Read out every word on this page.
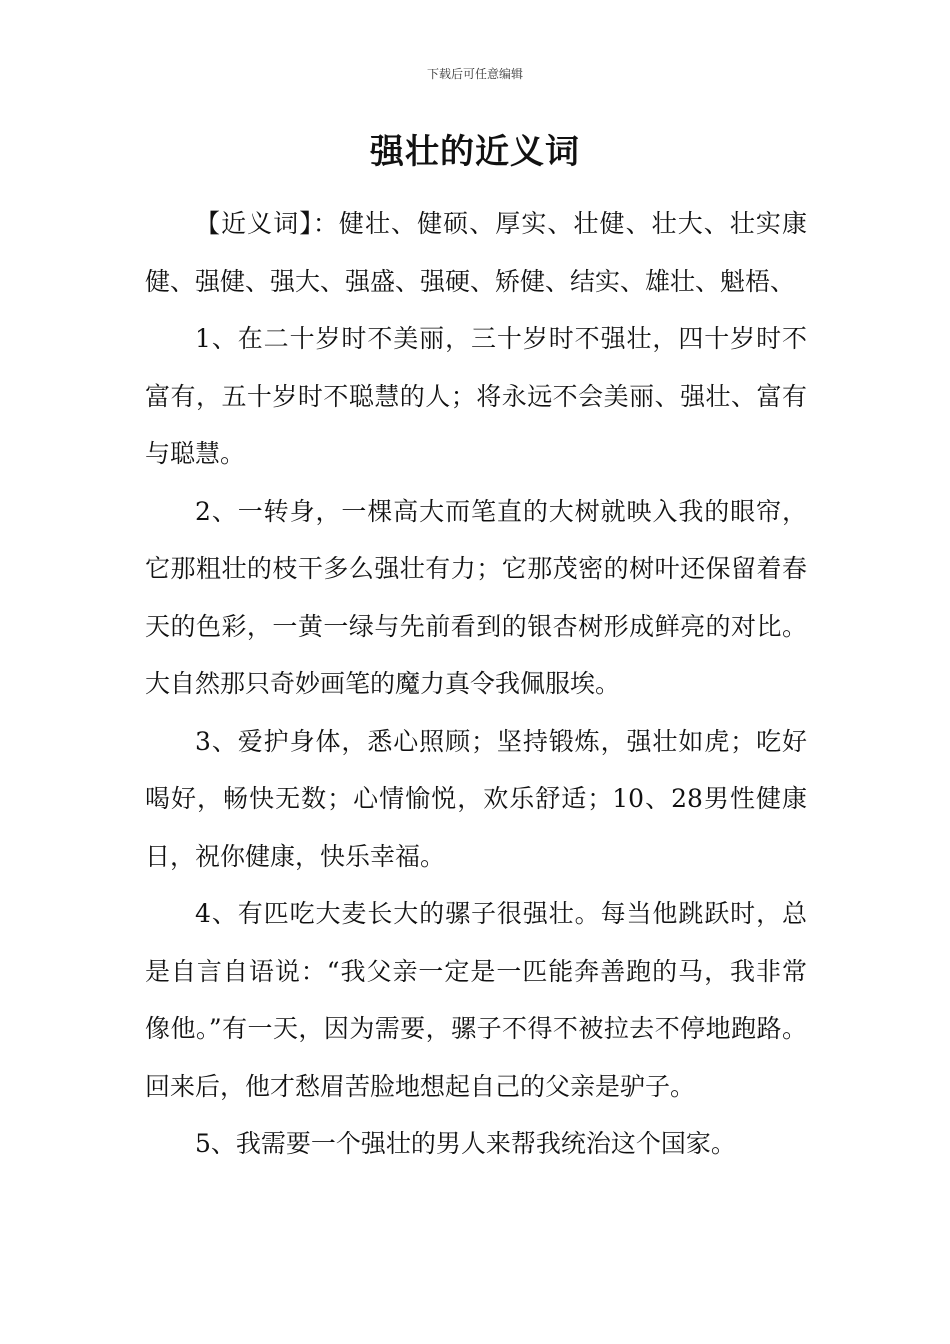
下载后可任意编辑
强壮的近义词

【近义词】：健壮、健硕、厚实、壮健、壮大、壮实康健、强健、强大、强盛、强硬、矫健、结实、雄壮、魁梧、

1、在二十岁时不美丽，三十岁时不强壮，四十岁时不富有，五十岁时不聪慧的人；将永远不会美丽、强壮、富有与聪慧。

2、一转身，一棵高大而笔直的大树就映入我的眼帘，它那粗壮的枝干多么强壮有力；它那茂密的树叶还保留着春天的色彩，一黄一绿与先前看到的银杏树形成鲜亮的对比。大自然那只奇妙画笔的魔力真令我佩服埃。

3、爱护身体，悉心照顾；坚持锻炼，强壮如虎；吃好喝好，畅快无数；心情愉悦，欢乐舒适；10、28男性健康日，祝你健康，快乐幸福。

4、有匹吃大麦长大的骡子很强壮。每当他跳跃时，总是自言自语说：“我父亲一定是一匹能奔善跑的马，我非常像他。”有一天，因为需要，骡子不得不被拉去不停地跑路。回来后，他才愁眉苦脸地想起自己的父亲是驴子。

5、我需要一个强壮的男人来帮我统治这个国家。
